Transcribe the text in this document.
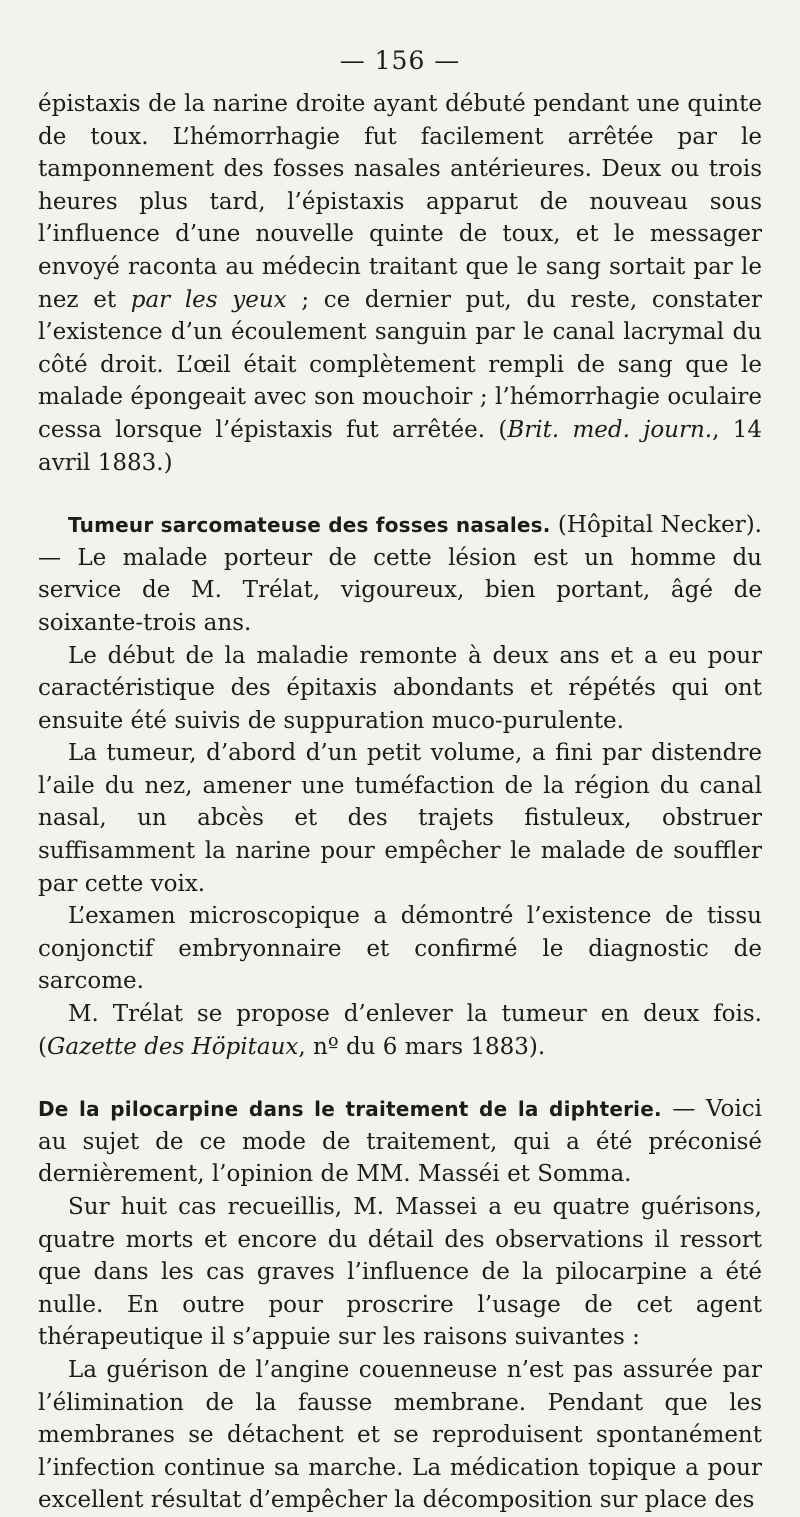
— 156 —

épistaxis de la narine droite ayant débuté pendant une quinte de toux. L’hémorrhagie fut facilement arrêtée par le tamponnement des fosses nasales antérieures. Deux ou trois heures plus tard, l’épistaxis apparut de nouveau sous l’influence d’une nouvelle quinte de toux, et le messager envoyé raconta au médecin traitant que le sang sortait par le nez et par les yeux ; ce dernier put, du reste, constater l’existence d’un écoulement sanguin par le canal lacrymal du côté droit. L’œil était complètement rempli de sang que le malade épongeait avec son mouchoir ; l’hémorrhagie oculaire cessa lorsque l’épistaxis fut arrêtée. (Brit. med. journ., 14 avril 1883.)

Tumeur sarcomateuse des fosses nasales. (Hôpital Necker). — Le malade porteur de cette lésion est un homme du service de M. Trélat, vigoureux, bien portant, âgé de soixante-trois ans.

Le début de la maladie remonte à deux ans et a eu pour caractéristique des épitaxis abondants et répétés qui ont ensuite été suivis de suppuration muco-purulente.

La tumeur, d’abord d’un petit volume, a fini par distendre l’aile du nez, amener une tuméfaction de la région du canal nasal, un abcès et des trajets fistuleux, obstruer suffisamment la narine pour empêcher le malade de souffler par cette voix.

L’examen microscopique a démontré l’existence de tissu conjonctif embryonnaire et confirmé le diagnostic de sarcome.

M. Trélat se propose d’enlever la tumeur en deux fois. (Gazette des Höpitaux, nº du 6 mars 1883).

De la pilocarpine dans le traitement de la diphterie. — Voici au sujet de ce mode de traitement, qui a été préconisé dernièrement, l’opinion de MM. Masséi et Somma.

Sur huit cas recueillis, M. Massei a eu quatre guérisons, quatre morts et encore du détail des observations il ressort que dans les cas graves l’influence de la pilocarpine a été nulle. En outre pour proscrire l’usage de cet agent thérapeutique il s’appuie sur les raisons suivantes :

La guérison de l’angine couenneuse n’est pas assurée par l’élimination de la fausse membrane. Pendant que les membranes se détachent et se reproduisent spontanément l’infection continue sa marche. La médication topique a pour excellent résultat d’empêcher la décomposition sur place des
